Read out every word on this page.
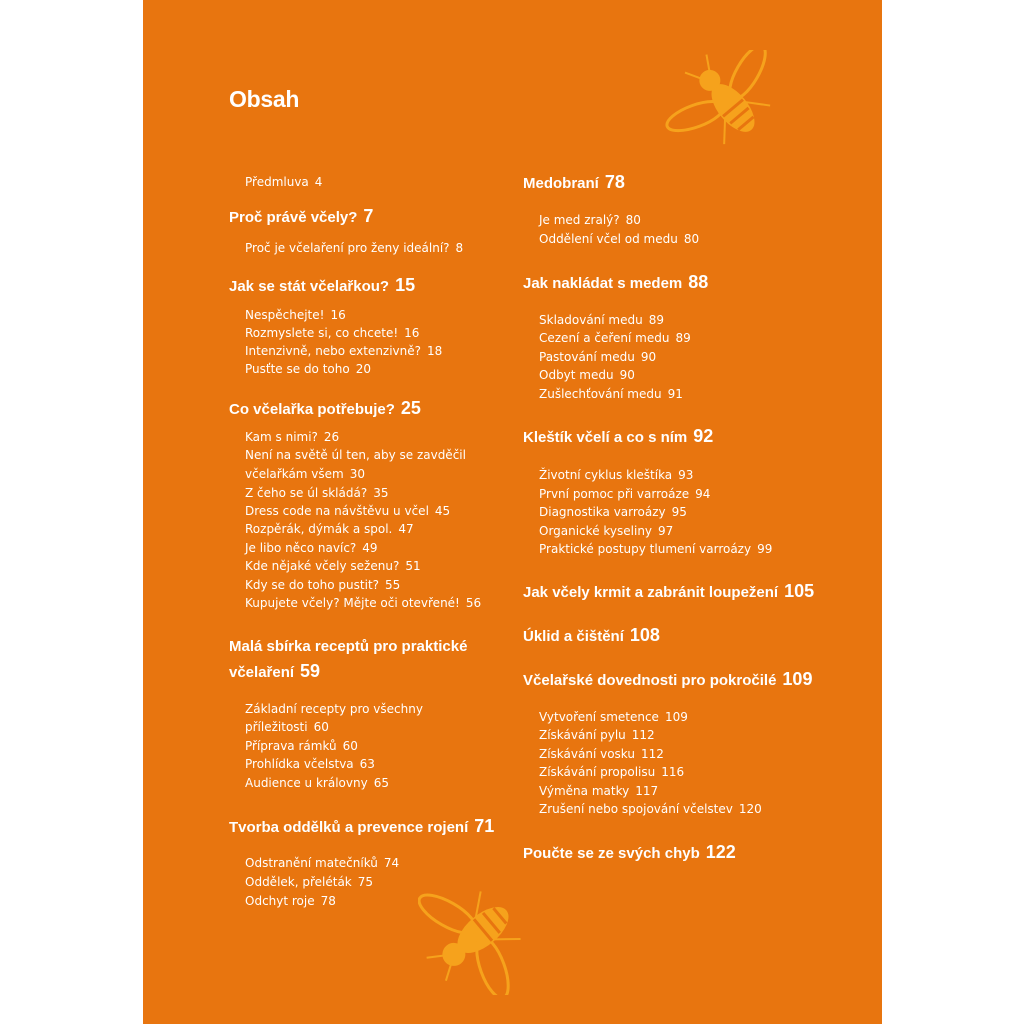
Obsah
Předmluva 4
Proč právě včely? 7
Proč je včelaření pro ženy ideální? 8
Jak se stát včelařkou? 15
Nespěchejte! 16
Rozmyslete si, co chcete! 16
Intenzivně, nebo extenzivně? 18
Pusťte se do toho 20
Co včelařka potřebuje? 25
Kam s nimi? 26
Není na světě úl ten, aby se zavděčil
včelařkám všem 30
Z čeho se úl skládá? 35
Dress code na návštěvu u včel 45
Rozpěrák, dýmák a spol. 47
Je libo něco navíc? 49
Kde nějaké včely seženu? 51
Kdy se do toho pustit? 55
Kupujete včely? Mějte oči otevřené! 56
Malá sbírka receptů pro praktické
včelaření 59
Základní recepty pro všechny
příležitosti 60
Příprava rámků 60
Prohlídka včelstva 63
Audience u královny 65
Tvorba oddělků a prevence rojení 71
Odstranění matečníků 74
Oddělek, přeléták 75
Odchyt roje 78
Medobraní 78
Je med zralý? 80
Oddělení včel od medu 80
Jak nakládat s medem 88
Skladování medu 89
Cezení a čeření medu 89
Pastování medu 90
Odbyt medu 90
Zušlechťování medu 91
Kleštík včelí a co s ním 92
Životní cyklus kleštíka 93
První pomoc při varroáze 94
Diagnostika varroázy 95
Organické kyseliny 97
Praktické postupy tlumení varroázy 99
Jak včely krmit a zabránit loupežení 105
Úklid a čištění 108
Včelařské dovednosti pro pokročilé 109
Vytvoření smetence 109
Získávání pylu 112
Získávání vosku 112
Získávání propolisu 116
Výměna matky 117
Zrušení nebo spojování včelstev 120
Poučte se ze svých chyb 122
